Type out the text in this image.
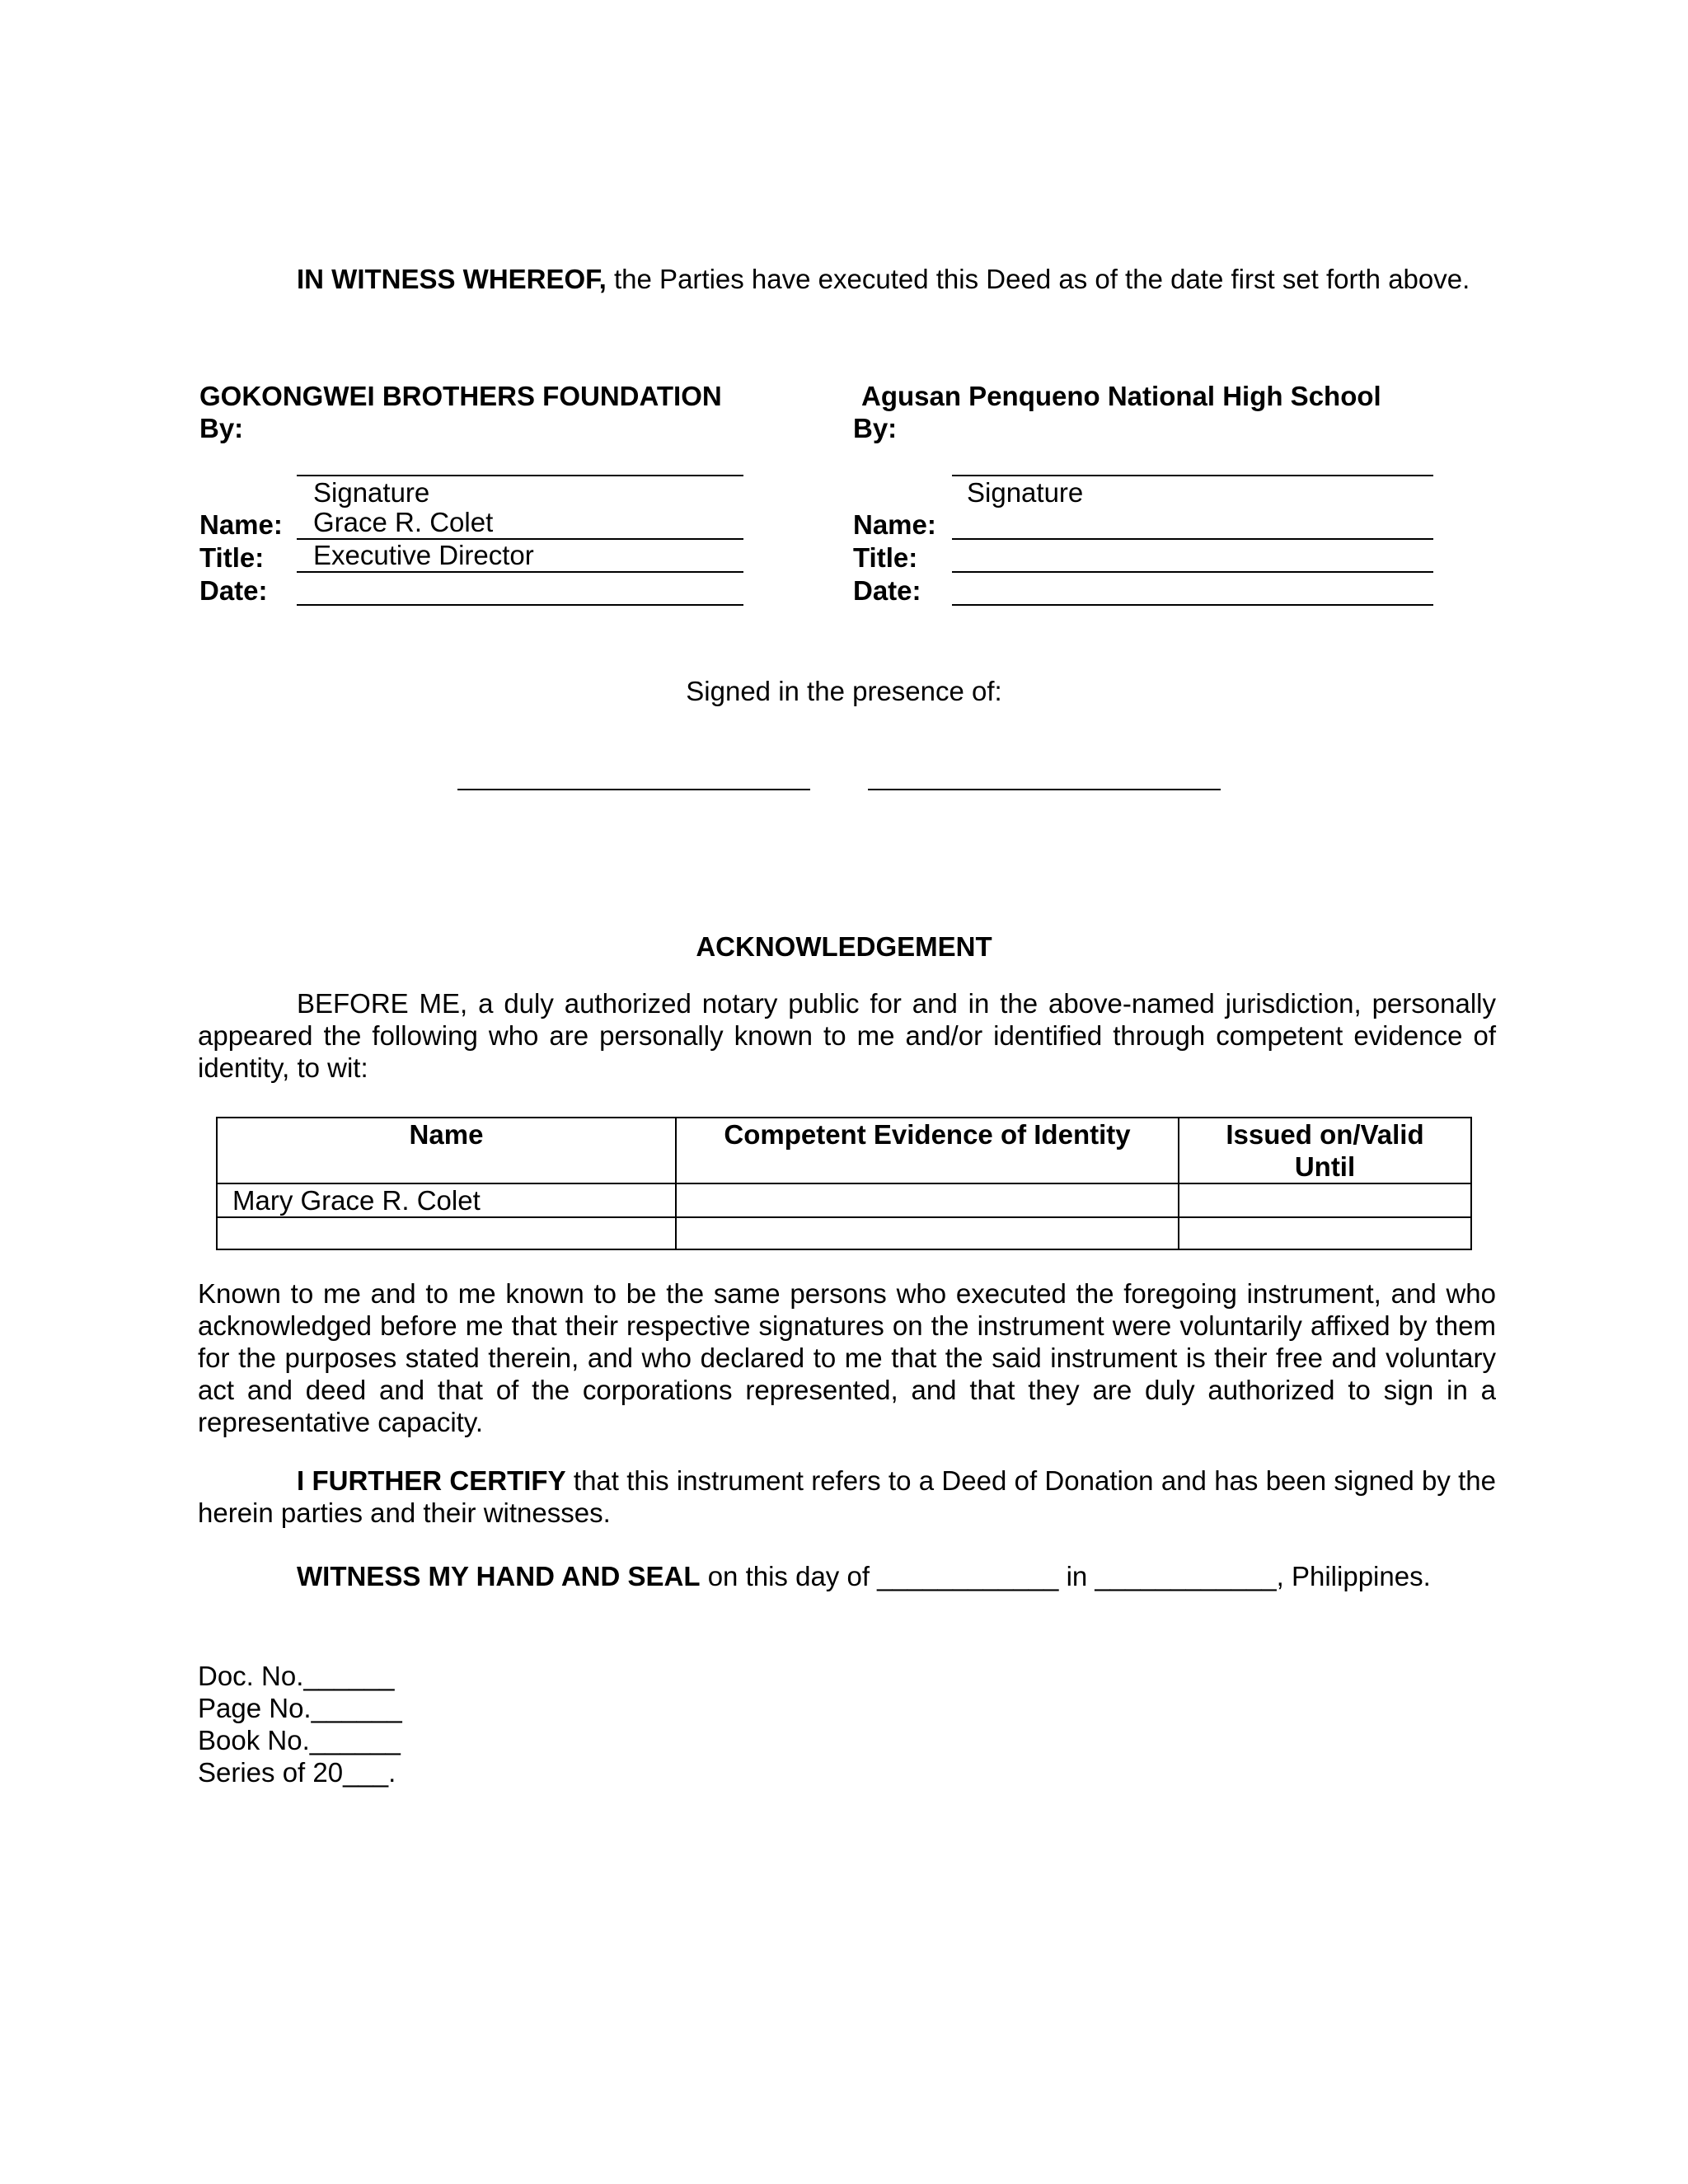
IN WITNESS WHEREOF, the Parties have executed this Deed as of the date first set forth above.
GOKONGWEI BROTHERS FOUNDATION
By:
Signature
Name: Grace R. Colet
Title: Executive Director
Date:
Agusan Penqueno National High School
By:
Signature
Name:
Title:
Date:
Signed in the presence of:
ACKNOWLEDGEMENT

BEFORE ME, a duly authorized notary public for and in the above-named jurisdiction, personally appeared the following who are personally known to me and/or identified through competent evidence of identity, to wit:

Name	Competent Evidence of Identity	Issued on/Valid Until
Mary Grace R. Colet		

Known to me and to me known to be the same persons who executed the foregoing instrument, and who acknowledged before me that their respective signatures on the instrument were voluntarily affixed by them for the purposes stated therein, and who declared to me that the said instrument is their free and voluntary act and deed and that of the corporations represented, and that they are duly authorized to sign in a representative capacity.

I FURTHER CERTIFY that this instrument refers to a Deed of Donation and has been signed by the herein parties and their witnesses.

WITNESS MY HAND AND SEAL on this day of ____________ in ____________, Philippines.

Doc. No.______
Page No.______
Book No.______
Series of 20___.
